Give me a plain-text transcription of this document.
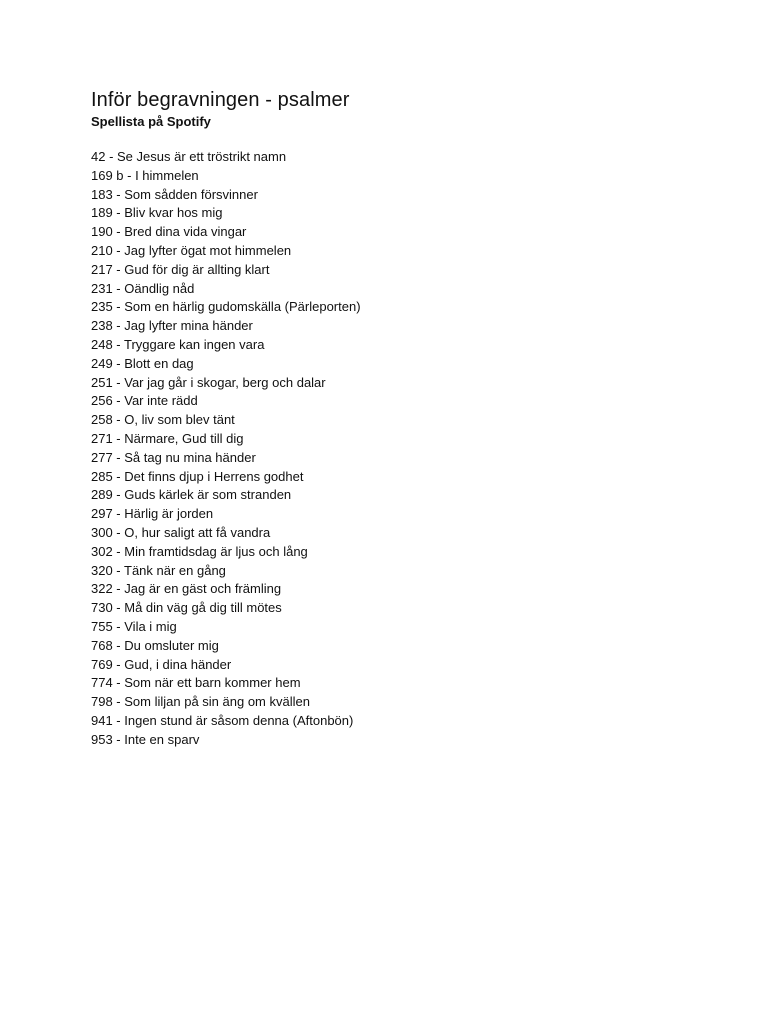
Inför begravningen - psalmer
Spellista på Spotify
42 - Se Jesus är ett tröstrikt namn
169 b - I himmelen
183 - Som sådden försvinner
189 - Bliv kvar hos mig
190 - Bred dina vida vingar
210 - Jag lyfter ögat mot himmelen
217 - Gud för dig är allting klart
231 - Oändlig nåd
235 - Som en härlig gudomskälla (Pärleporten)
238 - Jag lyfter mina händer
248 - Tryggare kan ingen vara
249 - Blott en dag
251 - Var jag går i skogar, berg och dalar
256 - Var inte rädd
258 - O, liv som blev tänt
271 - Närmare, Gud till dig
277 - Så tag nu mina händer
285 - Det finns djup i Herrens godhet
289 - Guds kärlek är som stranden
297 - Härlig är jorden
300 - O, hur saligt att få vandra
302 - Min framtidsdag är ljus och lång
320 - Tänk när en gång
322 - Jag är en gäst och främling
730 - Må din väg gå dig till mötes
755 - Vila i mig
768 - Du omsluter mig
769 - Gud, i dina händer
774 - Som när ett barn kommer hem
798 - Som liljan på sin äng om kvällen
941 - Ingen stund är såsom denna (Aftonbön)
953 - Inte en sparv
